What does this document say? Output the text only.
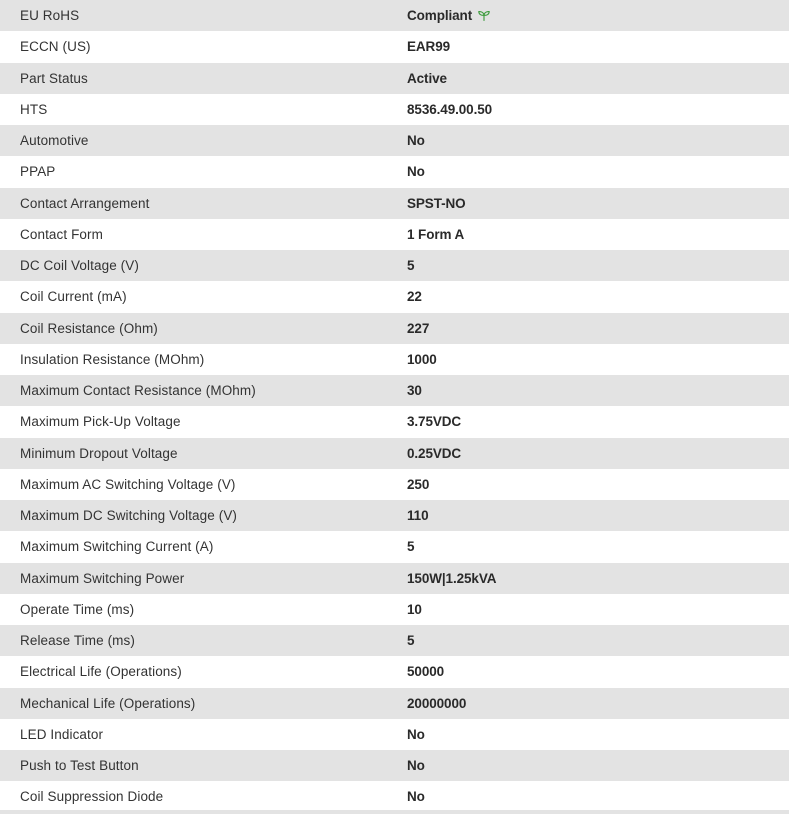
EU RoHS	Compliant
ECCN (US)	EAR99
Part Status	Active
HTS	8536.49.00.50
Automotive	No
PPAP	No
Contact Arrangement	SPST-NO
Contact Form	1 Form A
DC Coil Voltage (V)	5
Coil Current (mA)	22
Coil Resistance (Ohm)	227
Insulation Resistance (MOhm)	1000
Maximum Contact Resistance (MOhm)	30
Maximum Pick-Up Voltage	3.75VDC
Minimum Dropout Voltage	0.25VDC
Maximum AC Switching Voltage (V)	250
Maximum DC Switching Voltage (V)	110
Maximum Switching Current (A)	5
Maximum Switching Power	150W|1.25kVA
Operate Time (ms)	10
Release Time (ms)	5
Electrical Life (Operations)	50000
Mechanical Life (Operations)	20000000
LED Indicator	No
Push to Test Button	No
Coil Suppression Diode	No
